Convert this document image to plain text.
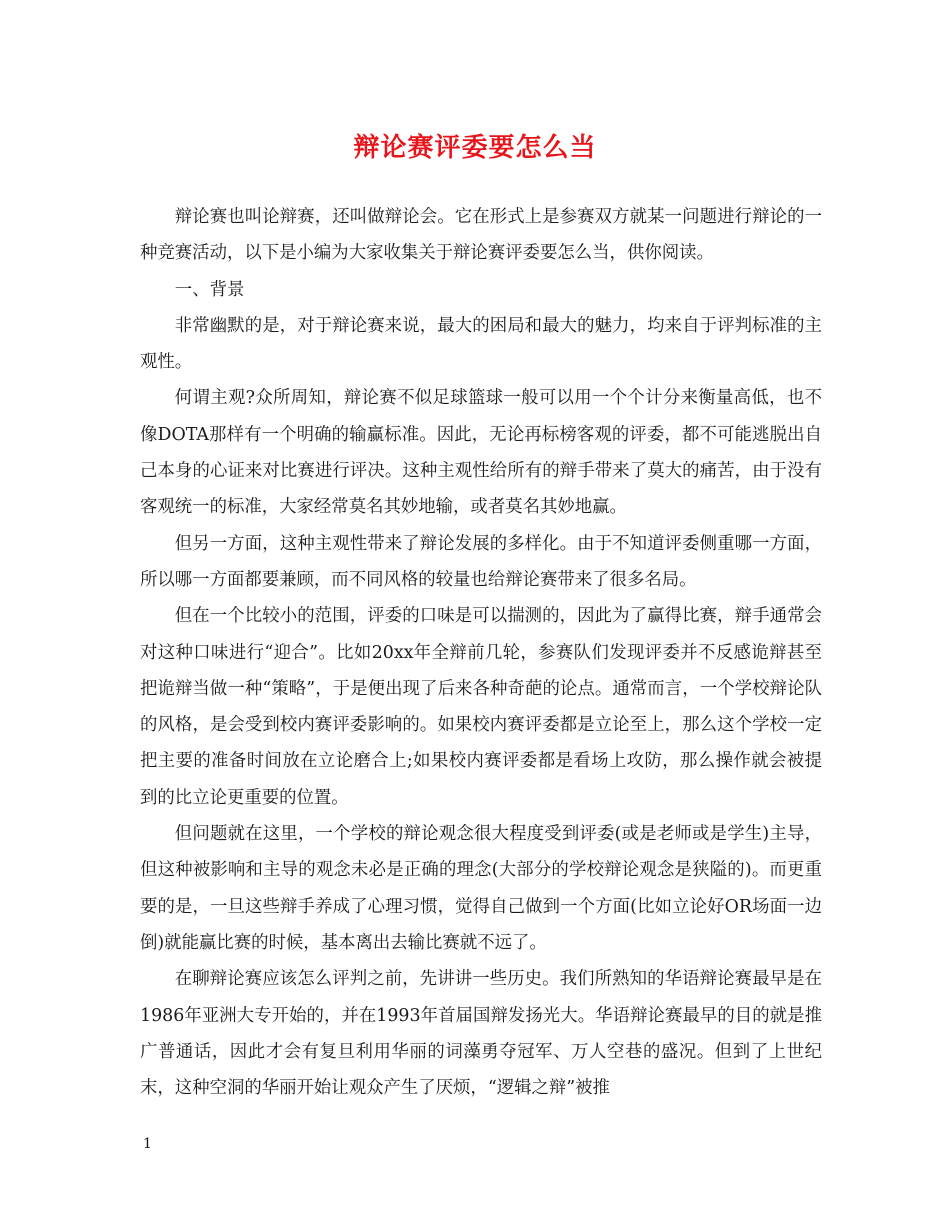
辩论赛评委要怎么当

辩论赛也叫论辩赛，还叫做辩论会。它在形式上是参赛双方就某一问题进行辩论的一种竞赛活动，以下是小编为大家收集关于辩论赛评委要怎么当，供你阅读。

一、背景

非常幽默的是，对于辩论赛来说，最大的困局和最大的魅力，均来自于评判标准的主观性。

何谓主观?众所周知，辩论赛不似足球篮球一般可以用一个个计分来衡量高低，也不像DOTA那样有一个明确的输赢标准。因此，无论再标榜客观的评委，都不可能逃脱出自己本身的心证来对比赛进行评决。这种主观性给所有的辩手带来了莫大的痛苦，由于没有客观统一的标准，大家经常莫名其妙地输，或者莫名其妙地赢。

但另一方面，这种主观性带来了辩论发展的多样化。由于不知道评委侧重哪一方面，所以哪一方面都要兼顾，而不同风格的较量也给辩论赛带来了很多名局。

但在一个比较小的范围，评委的口味是可以揣测的，因此为了赢得比赛，辩手通常会对这种口味进行“迎合”。比如20xx年全辩前几轮，参赛队们发现评委并不反感诡辩甚至把诡辩当做一种“策略”，于是便出现了后来各种奇葩的论点。通常而言，一个学校辩论队的风格，是会受到校内赛评委影响的。如果校内赛评委都是立论至上，那么这个学校一定把主要的准备时间放在立论磨合上;如果校内赛评委都是看场上攻防，那么操作就会被提到的比立论更重要的位置。

但问题就在这里，一个学校的辩论观念很大程度受到评委(或是老师或是学生)主导，但这种被影响和主导的观念未必是正确的理念(大部分的学校辩论观念是狭隘的)。而更重要的是，一旦这些辩手养成了心理习惯，觉得自己做到一个方面(比如立论好OR场面一边倒)就能赢比赛的时候，基本离出去输比赛就不远了。

在聊辩论赛应该怎么评判之前，先讲讲一些历史。我们所熟知的华语辩论赛最早是在1986年亚洲大专开始的，并在1993年首届国辩发扬光大。华语辩论赛最早的目的就是推广普通话，因此才会有复旦利用华丽的词藻勇夺冠军、万人空巷的盛况。但到了上世纪末，这种空洞的华丽开始让观众产生了厌烦，“逻辑之辩”被推

1
